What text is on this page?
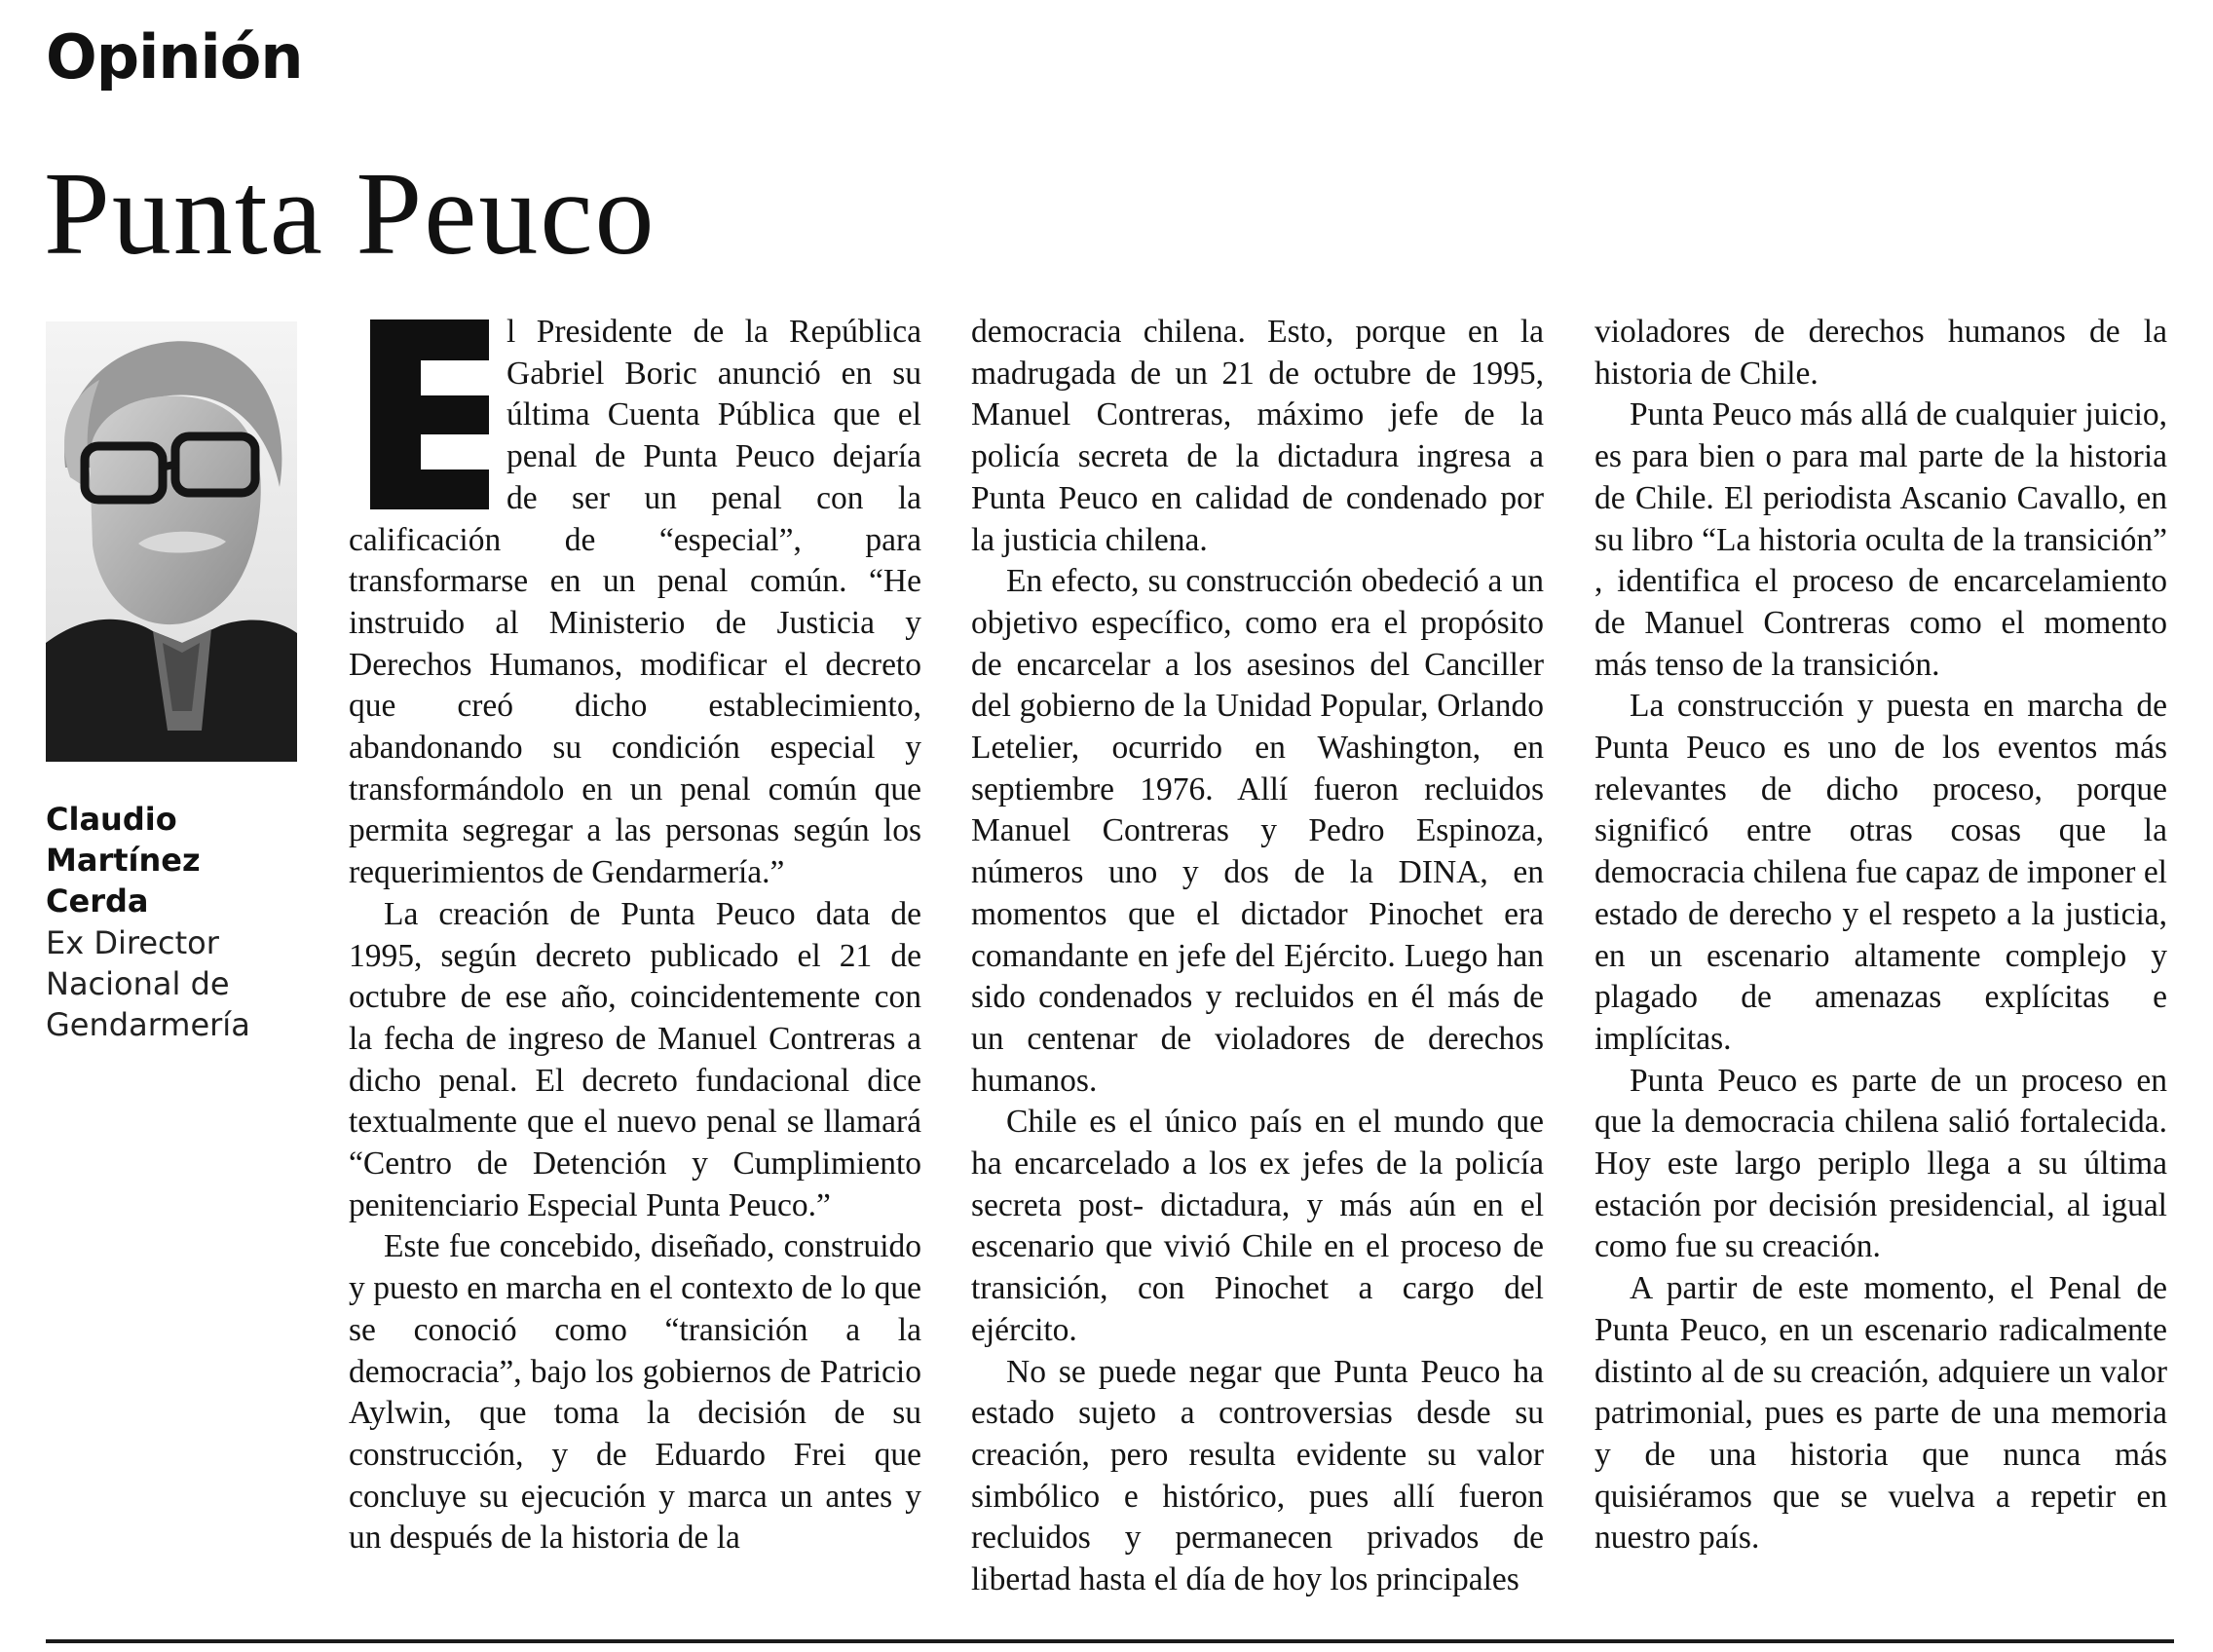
Opinión
Punta Peuco
Claudio Martínez Cerda
Ex Director Nacional de Gendarmería

l Presidente de la República Gabriel Boric anunció en su última Cuenta Pública que el penal de Punta Peuco dejaría de ser un penal con la calificación de “especial”, para transformarse en un penal común. “He instruido al Ministerio de Justicia y Derechos Humanos, modificar el decreto que creó dicho establecimiento, abandonando su condición especial y transformándolo en un penal común que permita segregar a las personas según los requerimientos de Gendarmería.”

La creación de Punta Peuco data de 1995, según decreto publicado el 21 de octubre de ese año, coincidentemente con la fecha de ingreso de Manuel Contreras a dicho penal. El decreto fundacional dice textualmente que el nuevo penal se llamará “Centro de Detención y Cumplimiento penitenciario Especial Punta Peuco.”

Este fue concebido, diseñado, construido y puesto en marcha en el contexto de lo que se conoció como “transición a la democracia”, bajo los gobiernos de Patricio Aylwin, que toma la decisión de su construcción, y de Eduardo Frei que concluye su ejecución y marca un antes y un después de la historia de la

democracia chilena. Esto, porque en la madrugada de un 21 de octubre de 1995, Manuel Contreras, máximo jefe de la policía secreta de la dictadura ingresa a Punta Peuco en calidad de condenado por la justicia chilena.

En efecto, su construcción obedeció a un objetivo específico, como era el propósito de encarcelar a los asesinos del Canciller del gobierno de la Unidad Popular, Orlando Letelier, ocurrido en Washington, en septiembre 1976. Allí fueron recluidos Manuel Contreras y Pedro Espinoza, números uno y dos de la DINA, en momentos que el dictador Pinochet era comandante en jefe del Ejército. Luego han sido condenados y recluidos en él más de un centenar de violadores de derechos humanos.

Chile es el único país en el mundo que ha encarcelado a los ex jefes de la policía secreta post- dictadura, y más aún en el escenario que vivió Chile en el proceso de transición, con Pinochet a cargo del ejército.

No se puede negar que Punta Peuco ha estado sujeto a controversias desde su creación, pero resulta evidente su valor simbólico e histórico, pues allí fueron recluidos y permanecen privados de libertad hasta el día de hoy los principales

violadores de derechos humanos de la historia de Chile.

Punta Peuco más allá de cualquier juicio, es para bien o para mal parte de la historia de Chile. El periodista Ascanio Cavallo, en su libro “La historia oculta de la transición” , identifica el proceso de encarcelamiento de Manuel Contreras como el momento más tenso de la transición.

La construcción y puesta en marcha de Punta Peuco es uno de los eventos más relevantes de dicho proceso, porque significó entre otras cosas que la democracia chilena fue capaz de imponer el estado de derecho y el respeto a la justicia, en un escenario altamente complejo y plagado de amenazas explícitas e implícitas.

Punta Peuco es parte de un proceso en que la democracia chilena salió fortalecida. Hoy este largo periplo llega a su última estación por decisión presidencial, al igual como fue su creación.

A partir de este momento, el Penal de Punta Peuco, en un escenario radicalmente distinto al de su creación, adquiere un valor patrimonial, pues es parte de una memoria y de una historia que nunca más quisiéramos que se vuelva a repetir en nuestro país.
